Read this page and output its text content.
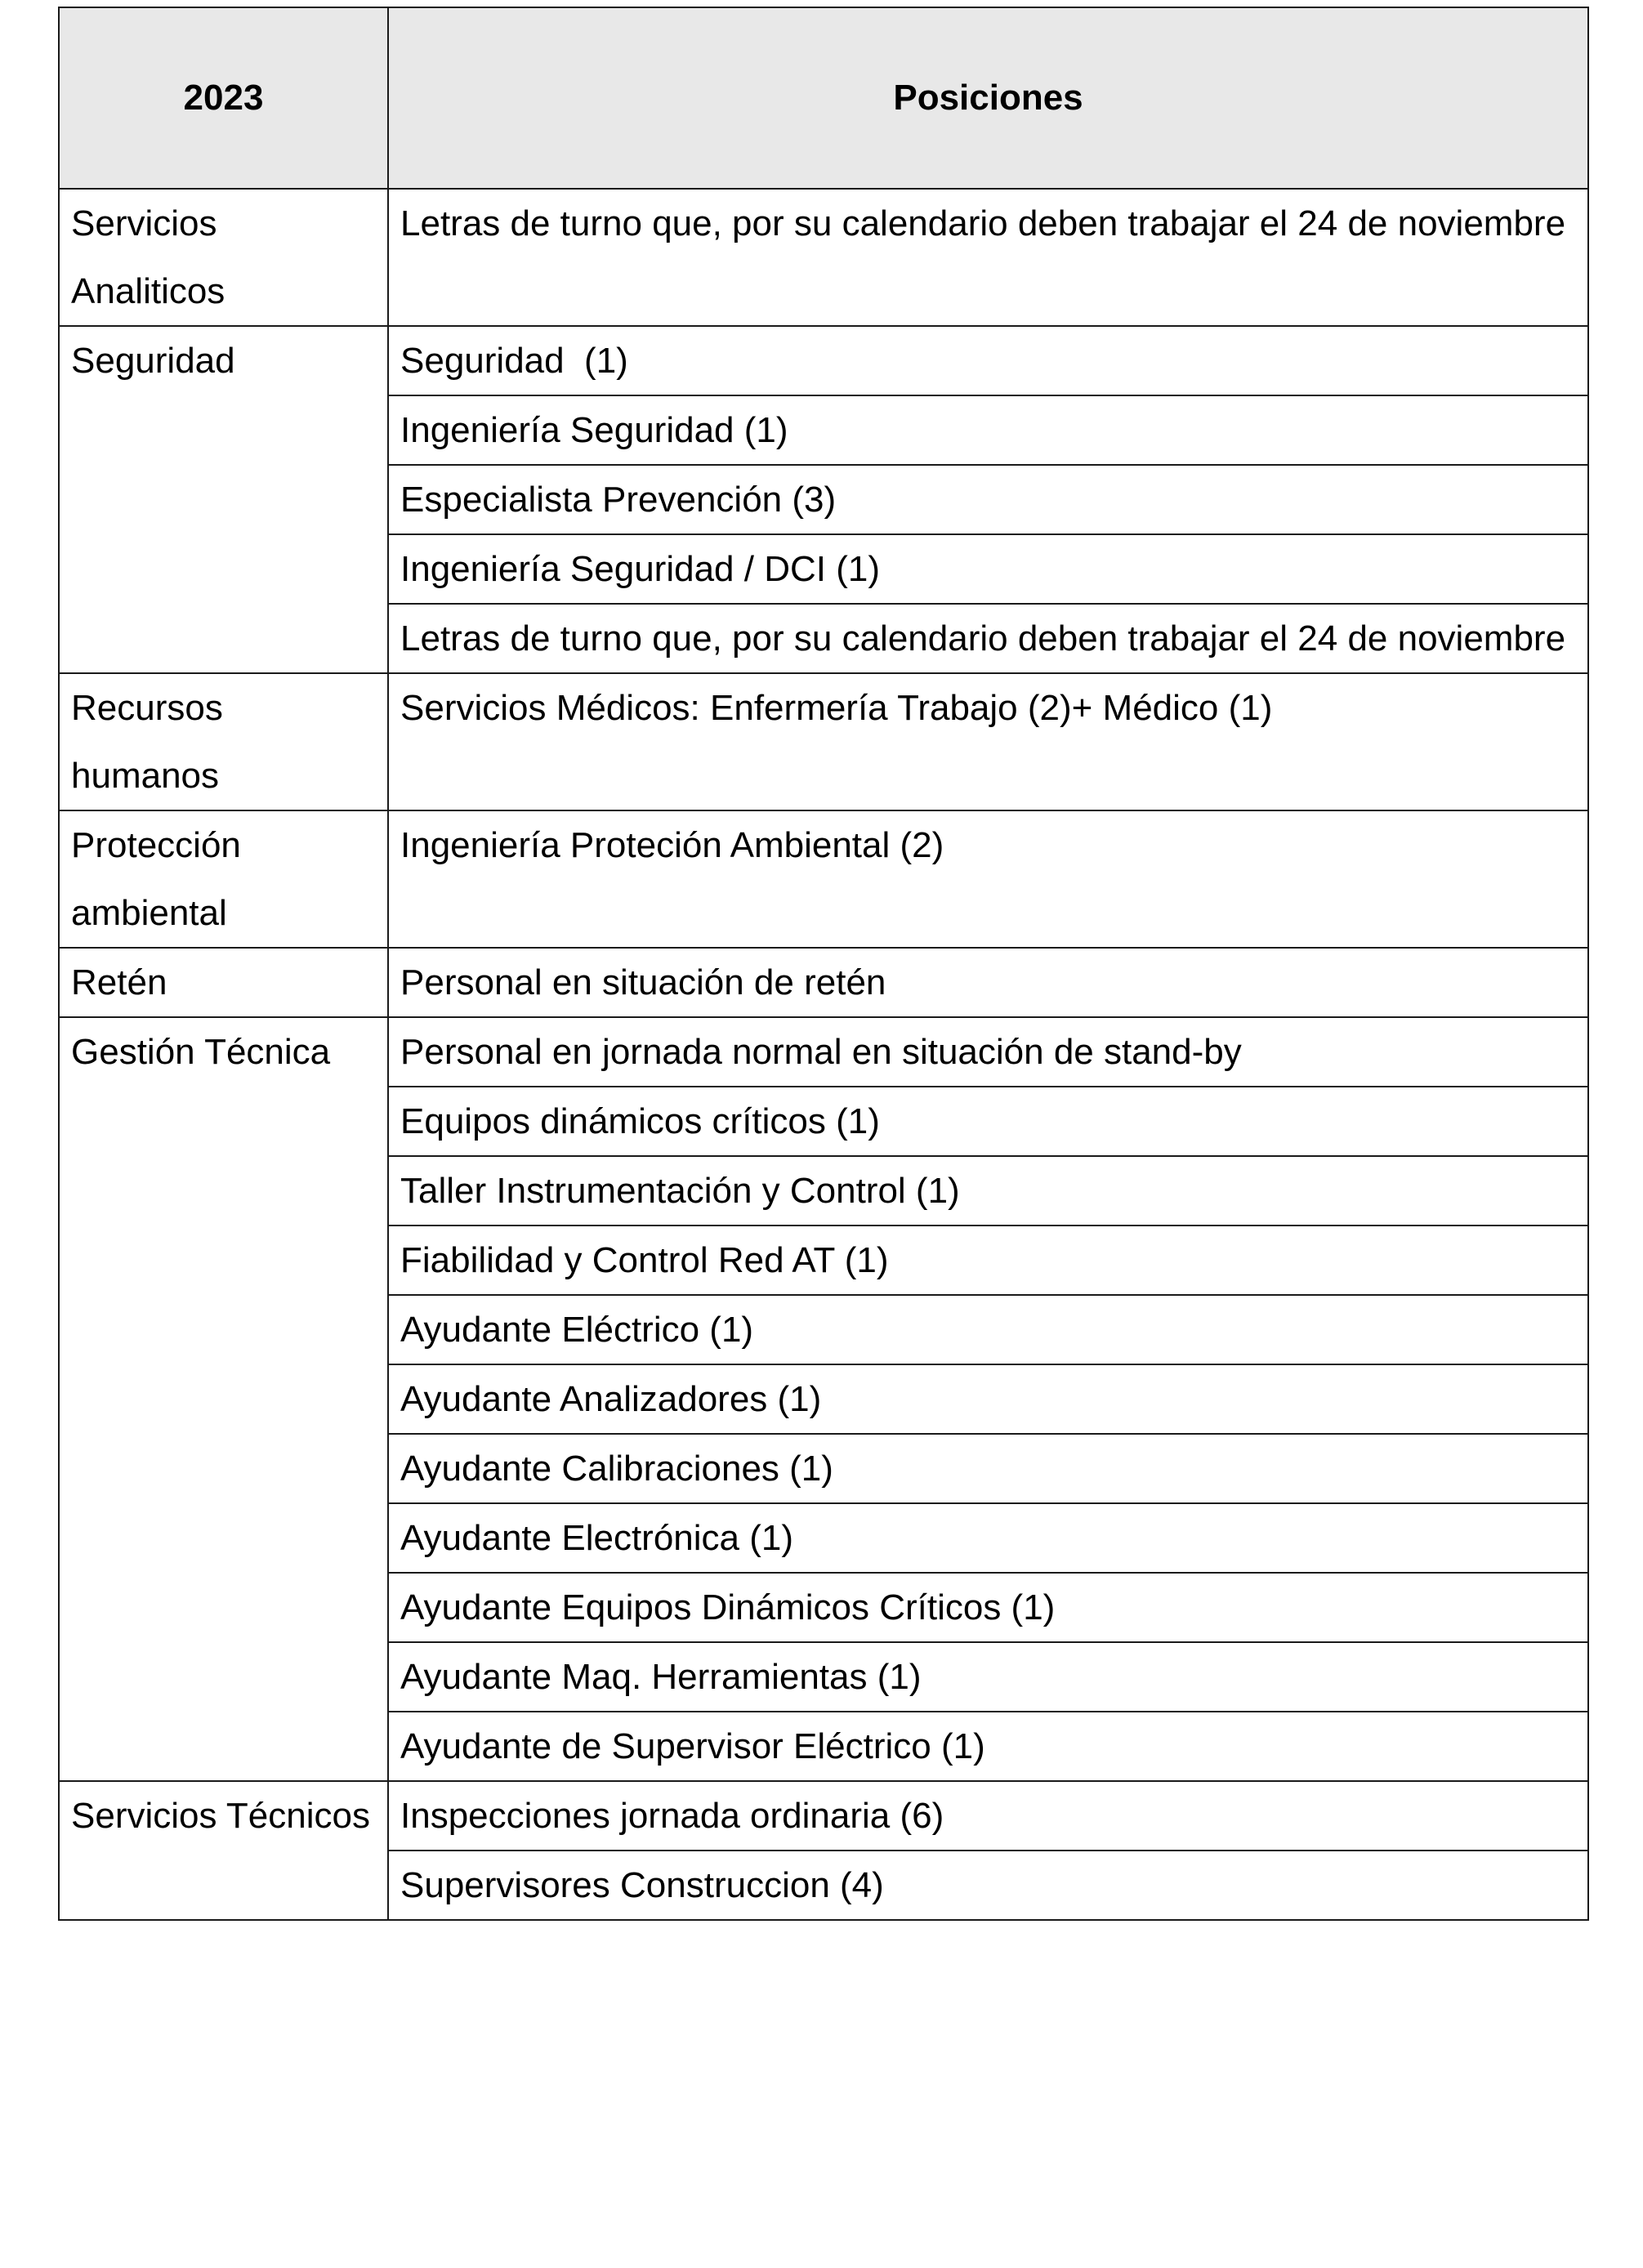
2023	Posiciones
Servicios Analiticos	Letras de turno que, por su calendario deben trabajar el 24 de noviembre
Seguridad	Seguridad  (1)
	Ingeniería Seguridad (1)
	Especialista Prevención (3)
	Ingeniería Seguridad / DCI (1)
	Letras de turno que, por su calendario deben trabajar el 24 de noviembre
Recursos humanos	Servicios Médicos: Enfermería Trabajo (2)+ Médico (1)
Protección ambiental	Ingeniería Proteción Ambiental (2)
Retén	Personal en situación de retén
Gestión Técnica	Personal en jornada normal en situación de stand-by
	Equipos dinámicos críticos (1)
	Taller Instrumentación y Control (1)
	Fiabilidad y Control Red AT (1)
	Ayudante Eléctrico (1)
	Ayudante Analizadores (1)
	Ayudante Calibraciones (1)
	Ayudante Electrónica (1)
	Ayudante Equipos Dinámicos Críticos (1)
	Ayudante Maq. Herramientas (1)
	Ayudante de Supervisor Eléctrico (1)
Servicios Técnicos	Inspecciones jornada ordinaria (6)
	Supervisores Construccion (4)
